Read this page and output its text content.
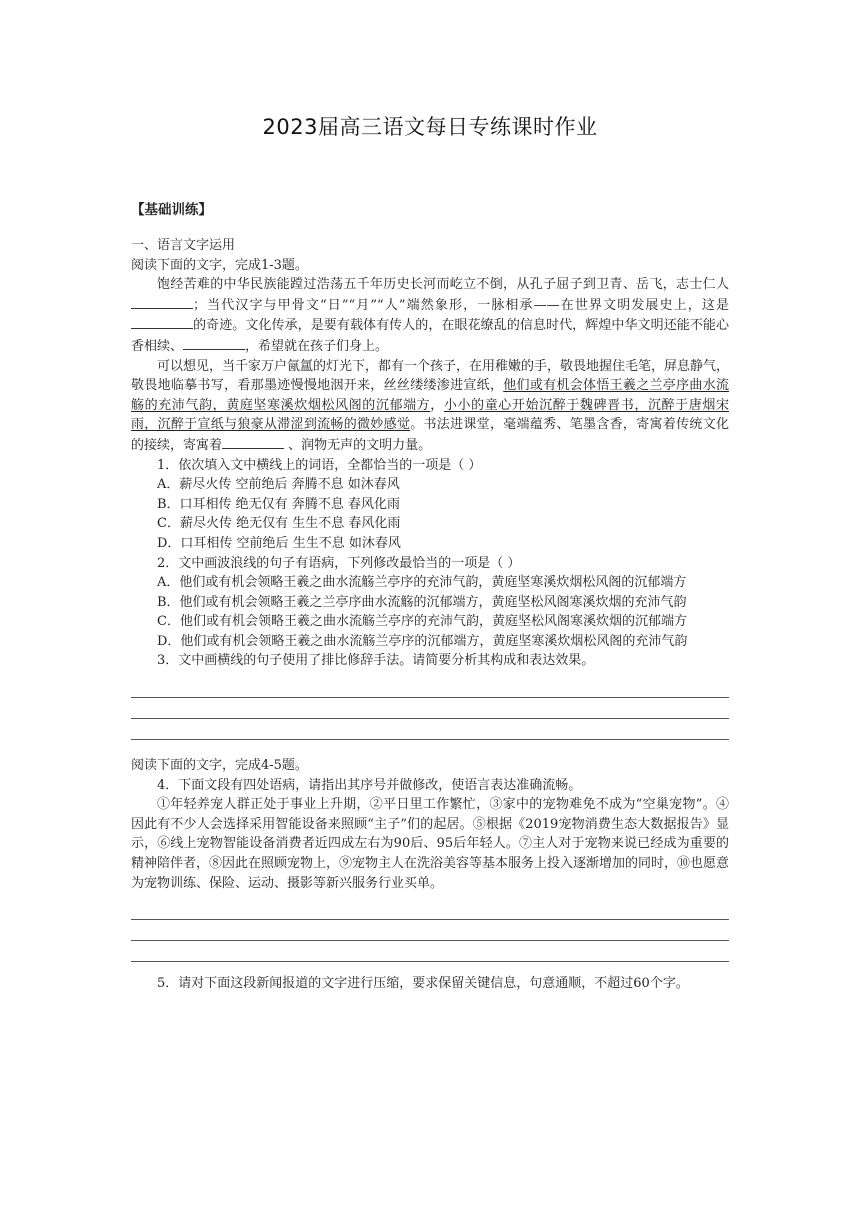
2023届高三语文每日专练课时作业
【基础训练】

一、语言文字运用

阅读下面的文字，完成1-3题。

饱经苦难的中华民族能蹚过浩荡五千年历史长河而屹立不倒，从孔子屈子到卫青、岳飞，志士仁人；当代汉字与甲骨文“日”“月”“人”端然象形，一脉相承——在世界文明发展史上，这是的奇迹。文化传承，是要有载体有传人的，在眼花缭乱的信息时代，辉煌中华文明还能不能心香相续、	，希望就在孩子们身上。

可以想见，当千家万户氤氲的灯光下，都有一个孩子，在用稚嫩的手，敬畏地握住毛笔，屏息静气，敬畏地临摹书写，看那墨迹慢慢地洇开来，丝丝缕缕渗进宣纸，他们或有机会体悟王羲之兰亭序曲水流觞的充沛气韵，黄庭坚寒溪炊烟松风阁的沉郁端方，小小的童心开始沉醉于魏碑晋书，沉醉于唐烟宋雨，沉醉于宣纸与狼豪从滞涩到流畅的微妙感觉。书法进课堂，毫端蕴秀、笔墨含香，寄寓着传统文化的接续，寄寓着	、润物无声的文明力量。

1．依次填入文中横线上的词语，全都恰当的一项是（ ）

A．薪尽火传 空前绝后 奔腾不息 如沐春风

B．口耳相传 绝无仅有 奔腾不息 春风化雨

C．薪尽火传 绝无仅有 生生不息 春风化雨

D．口耳相传 空前绝后 生生不息 如沐春风

2．文中画波浪线的句子有语病，下列修改最恰当的一项是（ ）

A．他们或有机会领略王羲之曲水流觞兰亭序的充沛气韵，黄庭坚寒溪炊烟松风阁的沉郁端方

B．他们或有机会领略王羲之兰亭序曲水流觞的沉郁端方，黄庭坚松风阁寒溪炊烟的充沛气韵

C．他们或有机会领略王羲之曲水流觞兰亭序的充沛气韵，黄庭坚松风阁寒溪炊烟的沉郁端方

D．他们或有机会领略王羲之曲水流觞兰亭序的沉郁端方，黄庭坚寒溪炊烟松风阁的充沛气韵

3．文中画横线的句子使用了排比修辞手法。请简要分析其构成和表达效果。

阅读下面的文字，完成4-5题。

4．下面文段有四处语病，请指出其序号并做修改，使语言表达准确流畅。

①年轻养宠人群正处于事业上升期，②平日里工作繁忙，③家中的宠物难免不成为“空巢宠物”。④因此有不少人会选择采用智能设备来照顾“主子”们的起居。⑤根据《2019宠物消费生态大数据报告》显示，⑥线上宠物智能设备消费者近四成左右为90后、95后年轻人。⑦主人对于宠物来说已经成为重要的精神陪伴者，⑧因此在照顾宠物上，⑨宠物主人在洗浴美容等基本服务上投入逐渐增加的同时，⑩也愿意为宠物训练、保险、运动、摄影等新兴服务行业买单。

5．请对下面这段新闻报道的文字进行压缩，要求保留关键信息，句意通顺，不超过60个字。
